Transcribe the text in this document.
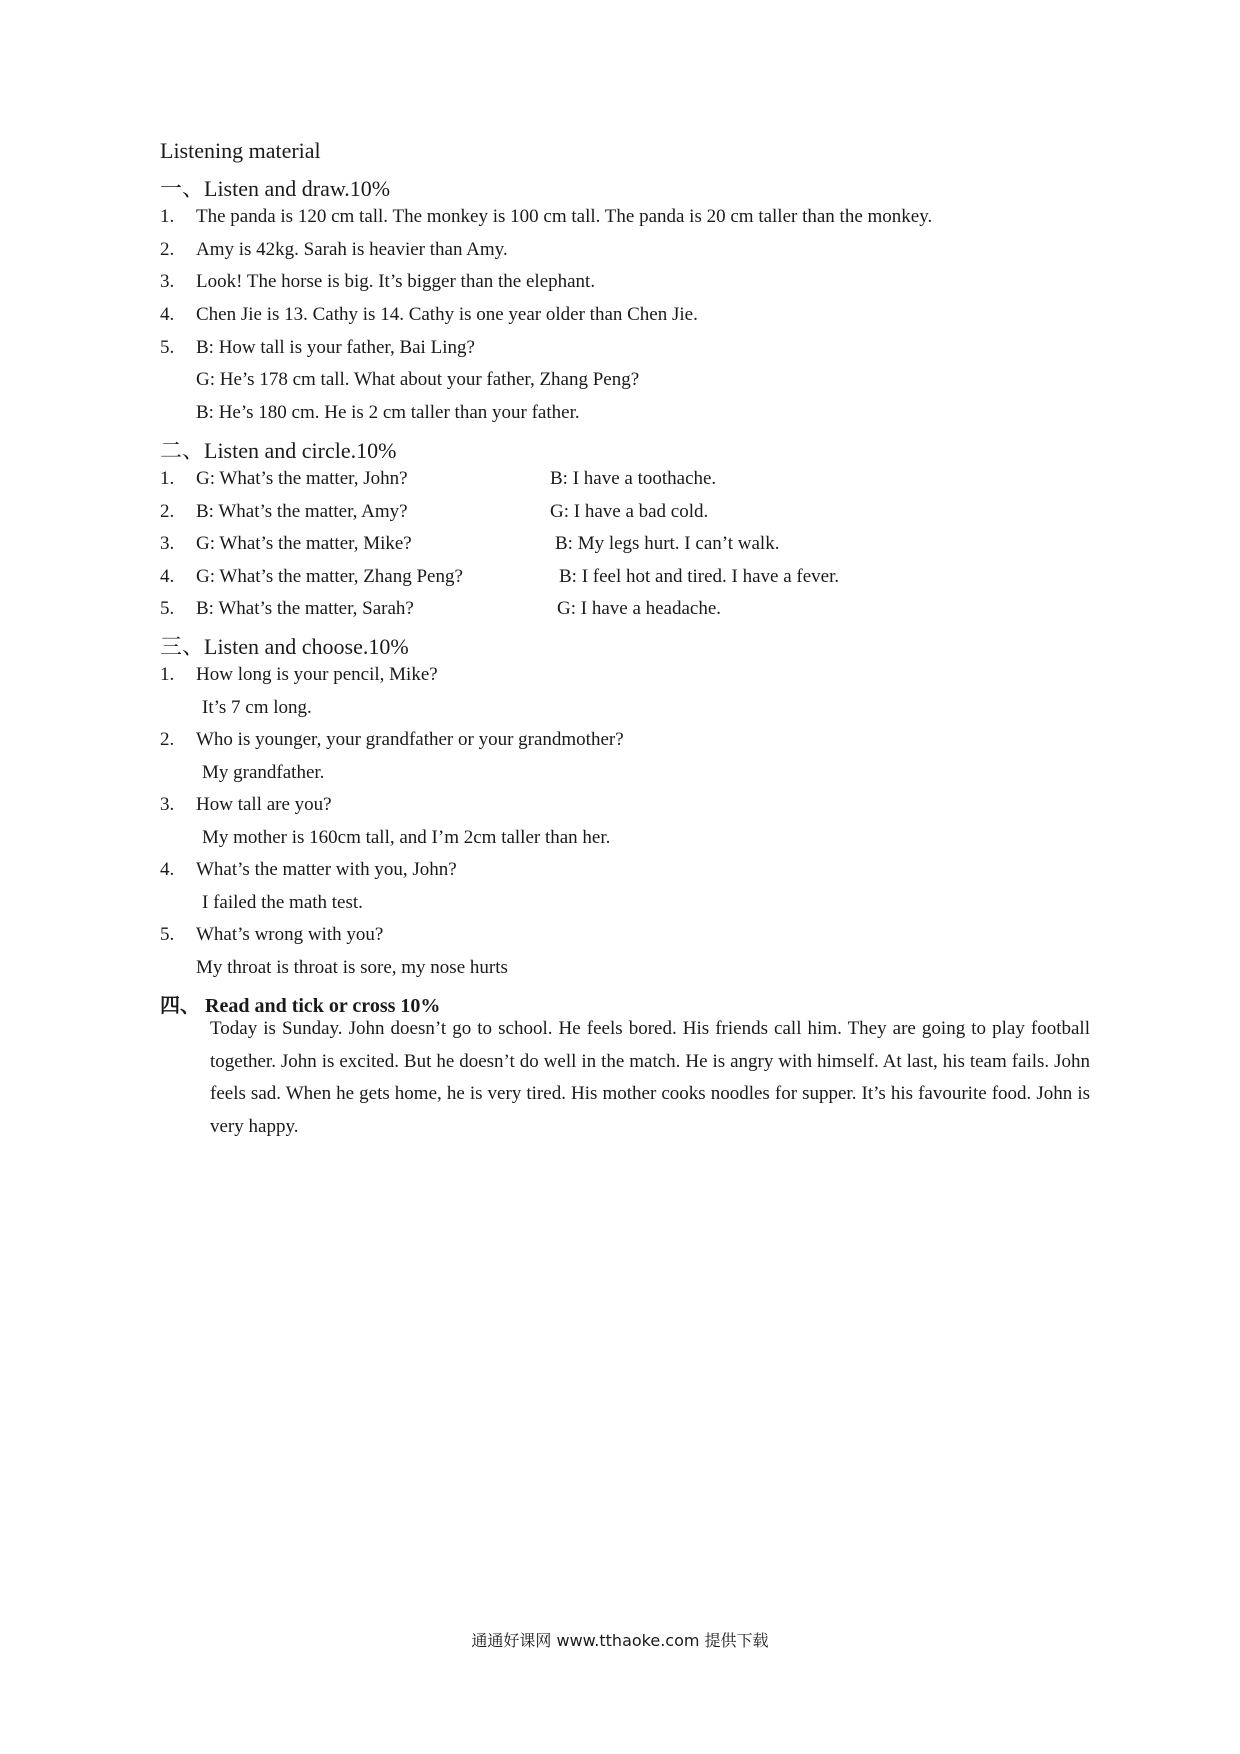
Listening material
一、Listen and draw.10%
1. The panda is 120 cm tall. The monkey is 100 cm tall. The panda is 20 cm taller than the monkey.
2. Amy is 42kg. Sarah is heavier than Amy.
3. Look! The horse is big. It’s bigger than the elephant.
4. Chen Jie is 13. Cathy is 14. Cathy is one year older than Chen Jie.
5. B: How tall is your father, Bai Ling?
G: He’s 178 cm tall. What about your father, Zhang Peng?
B: He’s 180 cm. He is 2 cm taller than your father.
二、Listen and circle.10%
1. G: What’s the matter, John?	B: I have a toothache.
2. B: What’s the matter, Amy?	G: I have a bad cold.
3. G: What’s the matter, Mike?	B: My legs hurt. I can’t walk.
4. G: What’s the matter, Zhang Peng?	B: I feel hot and tired. I have a fever.
5. B: What’s the matter, Sarah?	G: I have a headache.
三、Listen and choose.10%
1. How long is your pencil, Mike?
It’s 7 cm long.
2. Who is younger, your grandfather or your grandmother?
My grandfather.
3. How tall are you?
My mother is 160cm tall, and I’m 2cm taller than her.
4. What’s the matter with you, John?
I failed the math test.
5. What’s wrong with you?
My throat is throat is sore, my nose hurts
四、 Read and tick or cross 10%

Today is Sunday. John doesn’t go to school. He feels bored. His friends call him. They are going to play football together. John is excited. But he doesn’t do well in the match. He is angry with himself. At last, his team fails. John feels sad. When he gets home, he is very tired. His mother cooks noodles for supper. It’s his favourite food. John is very happy.

通通好课网 www.tthaoke.com 提供下载
